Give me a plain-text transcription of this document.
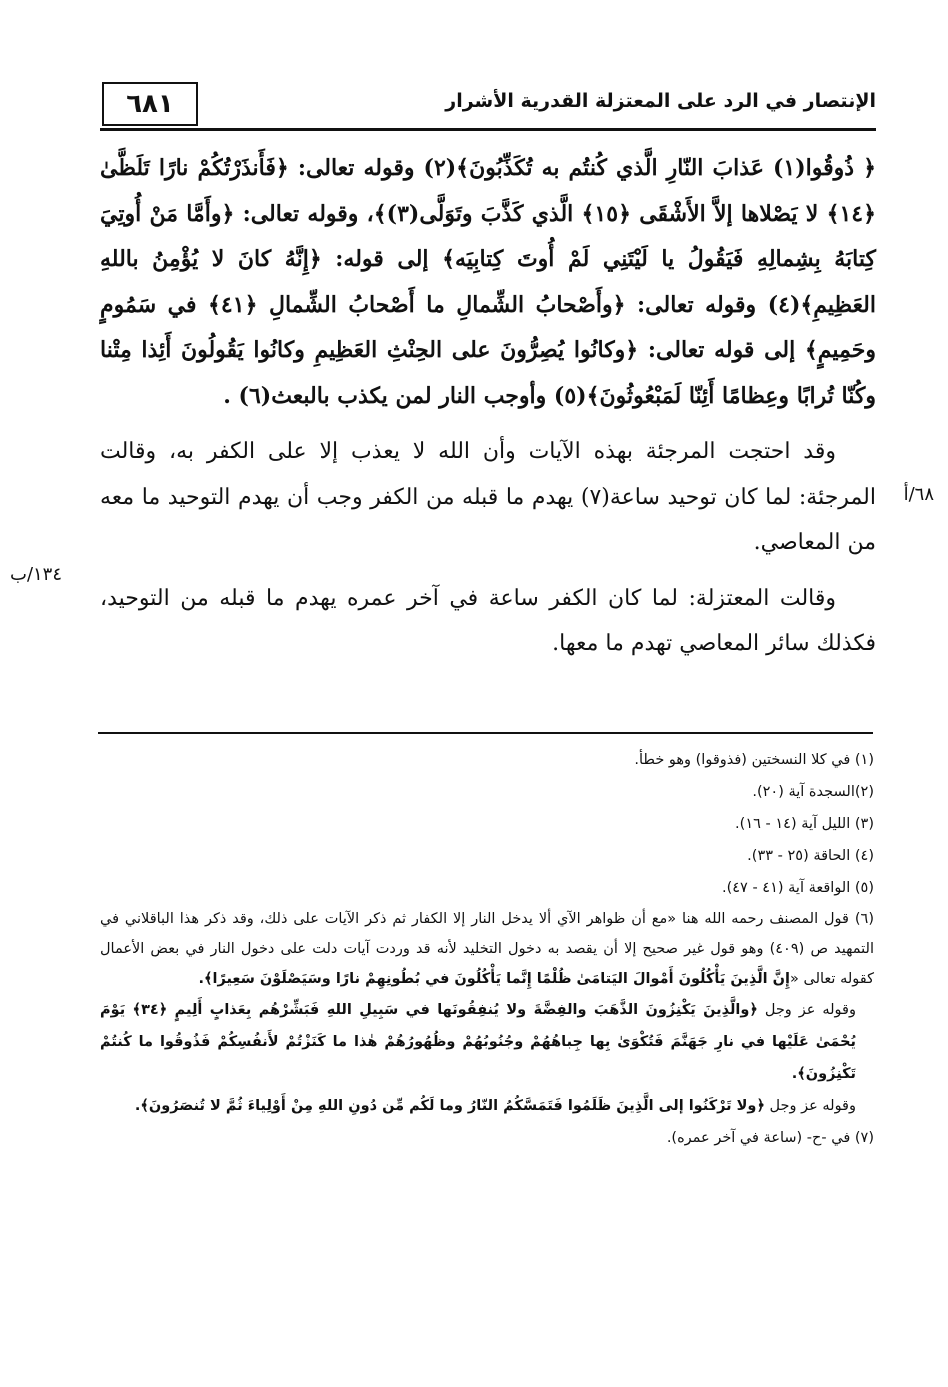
٦٨١	الإنتصار في الرد على المعتزلة القدرية الأشرار

﴿ ذُوقُوا(١) عَذابَ النّارِ الَّذي كُنتُم به تُكَذِّبُونَ﴾(٢) وقوله تعالى: ﴿فَأَنذَرْتُكُمْ نارًا تَلَظَّىٰ ﴿١٤﴾ لا يَصْلاها إلاَّ الأَشْقَى ﴿١٥﴾ الَّذي كَذَّبَ وتَوَلَّى(٣)﴾، وقوله تعالى: ﴿وأَمَّا مَنْ أُوتِيَ كِتابَهُ بِشِمالِهِ فَيَقُولُ يا لَيْتَنِي لَمْ أُوتَ كِتابِيَه﴾ إلى قوله: ﴿إِنَّهُ كانَ لا يُؤْمِنُ باللهِ العَظِيمِ﴾(٤) وقوله تعالى: ﴿وأَصْحابُ الشِّمالِ ما أَصْحابُ الشِّمالِ ﴿٤١﴾ في سَمُومٍ وحَمِيمٍ﴾ إلى قوله تعالى: ﴿وكانُوا يُصِرُّونَ على الحِنْثِ العَظِيمِ وكانُوا يَقُولُونَ أَئِذا مِتْنا وكُنّا تُرابًا وعِظامًا أَئِنّا لَمَبْعُوثُونَ﴾(٥) وأوجب النار لمن يكذب بالبعث(٦) .

وقد احتجت المرجئة بهذه الآيات وأن الله لا يعذب إلا على الكفر به، وقالت المرجئة: لما كان توحيد ساعة(٧) يهدم ما قبله من الكفر وجب أن يهدم التوحيد ما معه من المعاصي.

وقالت المعتزلة: لما كان الكفر ساعة في آخر عمره يهدم ما قبله من التوحيد، فكذلك سائر المعاصي تهدم ما معها.

٦٨/أ
١٣٤/ب

(١) في كلا النسختين (فذوقوا) وهو خطأ.

(٢)السجدة آية (٢٠).

(٣) الليل آية (١٤ - ١٦).

(٤) الحاقة (٢٥ - ٣٣).

(٥) الواقعة آية (٤١ - ٤٧).

(٦) قول المصنف رحمه الله هنا «مع أن ظواهر الآي ألا يدخل النار إلا الكفار ثم ذكر الآيات على ذلك، وقد ذكر هذا الباقلاني في التمهيد ص (٤٠٩) وهو قول غير صحيح إلا أن يقصد به دخول التخليد لأنه قد وردت آيات دلت على دخول النار في بعض الأعمال كقوله تعالى «إِنَّ الَّذِينَ يَأْكُلُونَ أَمْوالَ اليَتامَىٰ ظُلْمًا إِنَّما يَأْكُلُونَ في بُطُونِهِمْ نارًا وسَيَصْلَوْنَ سَعِيرًا﴾.

وقوله عز وجل ﴿والَّذِينَ يَكْنِزُونَ الذَّهَبَ والفِضَّةَ ولا يُنفِقُونَها في سَبِيلِ اللهِ فَبَشِّرْهُم بِعَذابٍ أَلِيمٍ ﴿٣٤﴾ يَوْمَ يُحْمَىٰ عَلَيْها في نارِ جَهَنَّمَ فَتُكْوَىٰ بِها جِباهُهُمْ وجُنُوبُهُمْ وظُهُورُهُمْ هٰذا ما كَنَزْتُمْ لأَنفُسِكُمْ فَذُوقُوا ما كُنتُمْ تَكْنِزُونَ﴾.

وقوله عز وجل ﴿ولا تَرْكَنُوا إلى الَّذِينَ ظَلَمُوا فَتَمَسَّكُمُ النّارُ وما لَكُم مِّن دُونِ اللهِ مِنْ أَوْلِياءَ ثُمَّ لا تُنصَرُونَ﴾.

(٧) في -ح- (ساعة في آخر عمره).
